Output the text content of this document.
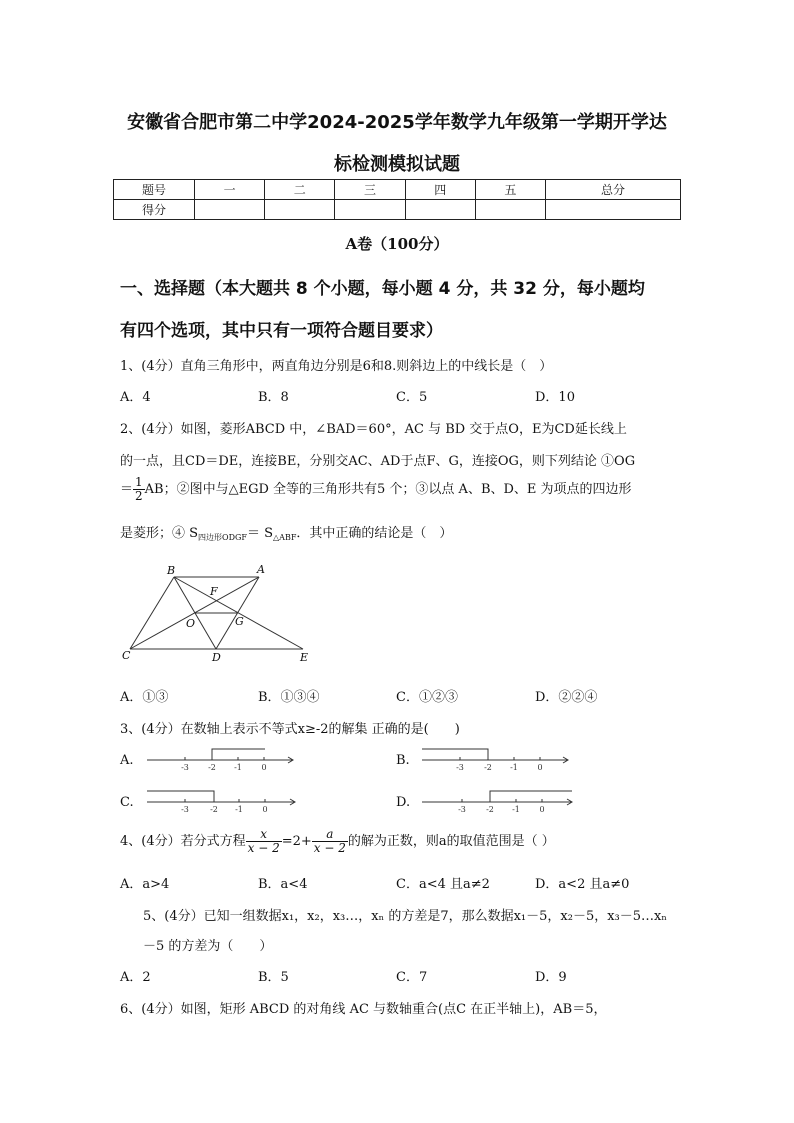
安徽省合肥市第二中学2024-2025学年数学九年级第一学期开学达
标检测模拟试题
题号	一	二	三	四	五	总分
得分						
A卷（100分）
一、选择题（本大题共 8 个小题，每小题 4 分，共 32 分，每小题均
有四个选项，其中只有一项符合题目要求）
1、(4分）直角三角形中，两直角边分别是6和8.则斜边上的中线长是（　）
A．4	B．8	C．5	D．10
2、(4分）如图，菱形ABCD 中，∠BAD＝60°，AC 与 BD 交于点O，E为CD延长线上
的一点，且CD＝DE，连接BE，分别交AC、AD于点F、G，连接OG，则下列结论 ①OG
＝ $\frac{1}{2}$ AB；②图中与△EGD 全等的三角形共有5 个；③以点 A、B、D、E 为项点的四边形
是菱形；④ $S_{四边形ODGF}= S_{\triangle ABF}$．其中正确的结论是（　）
B	A
F
O	G
C	D	E
A．①③	B．①③④	C．①②③	D．②②④
3、(4分）在数轴上表示不等式x≥-2的解集 正确的是(　　)
A.	-3 -2 -1 0	B.	-3	-2 -1 0
C.	-3	-2 -1 0	D.	-3	-2 -1 0
4、(4分）若分式方程 $\frac{x}{x - 2} =2+ \frac{a}{x - 2}$ 的解为正数，则a的取值范围是（ ）
A．a>4	B．a<4	C．a<4 且a≠2	D．a<2 且a≠0
5、(4分）已知一组数据x₁，x₂，x₃…，xₙ 的方差是7，那么数据x₁－5，x₂－5，x₃－5…xₙ
－5 的方差为（　　）
A．2	B．5	C．7	D．9
6、(4分）如图，矩形 ABCD 的对角线 AC 与数轴重合(点C 在正半轴上)，AB＝5，
